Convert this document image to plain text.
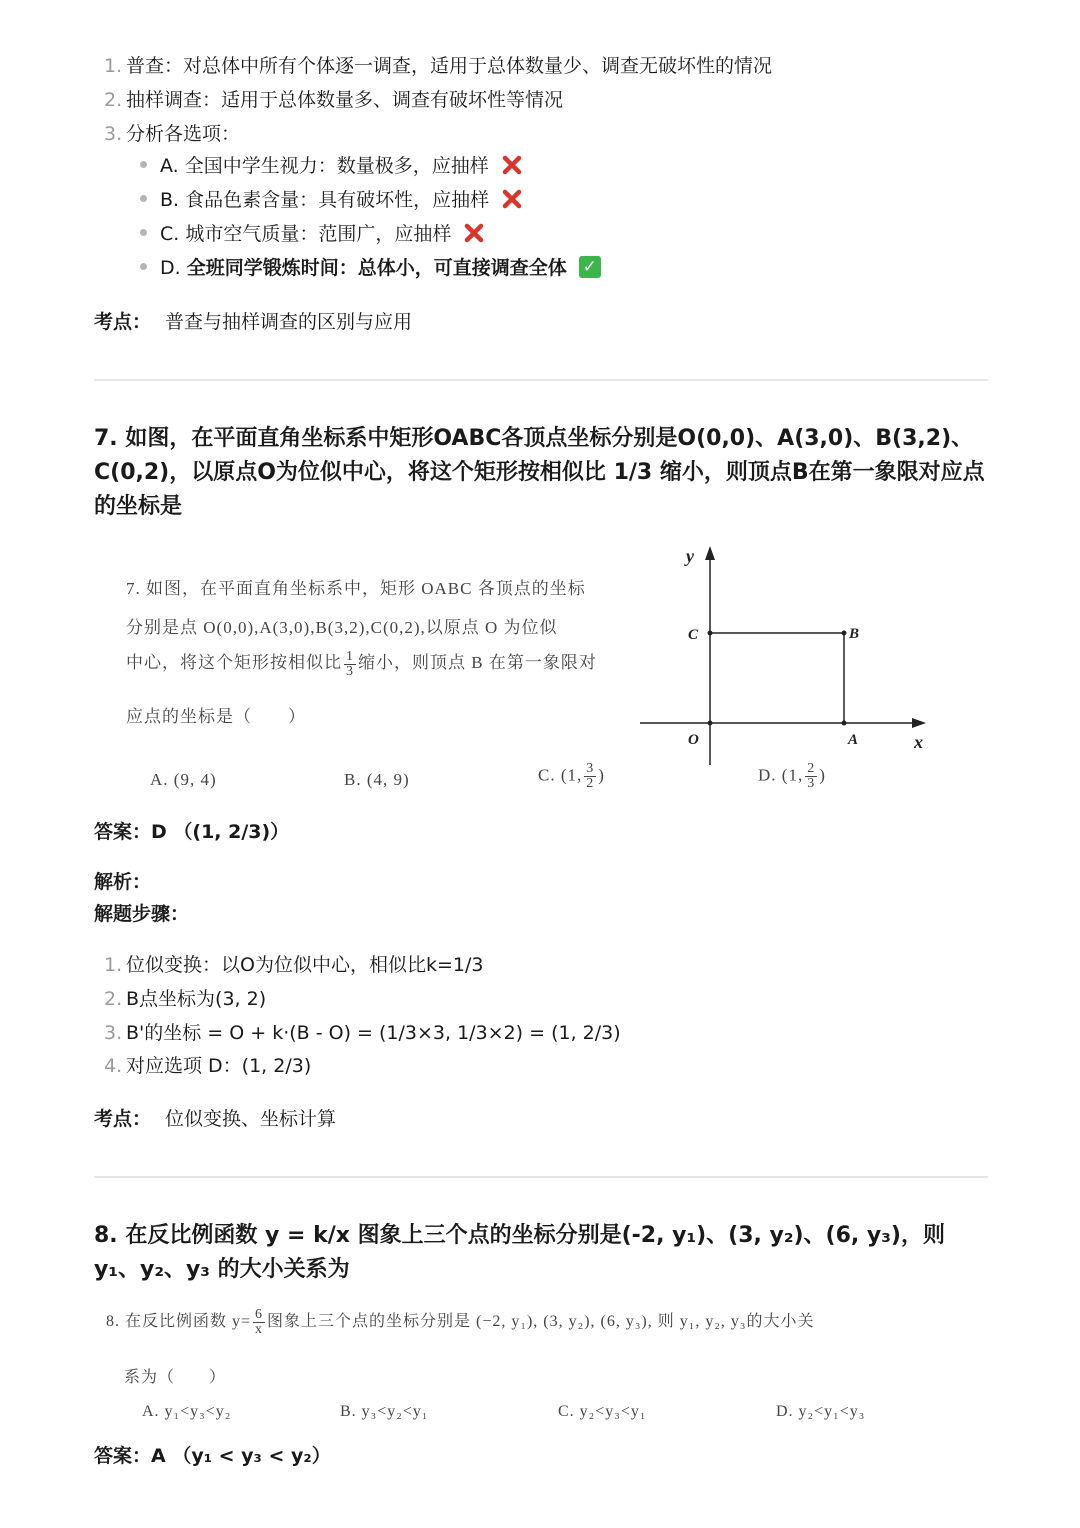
1. 普查：对总体中所有个体逐一调查，适用于总体数量少、调查无破坏性的情况
2. 抽样调查：适用于总体数量多、调查有破坏性等情况
3. 分析各选项：
A. 全国中学生视力：数量极多，应抽样
B. 食品色素含量：具有破坏性，应抽样
C. 城市空气质量：范围广，应抽样
D. 全班同学锻炼时间：总体小，可直接调查全体 ✓
考点： 普查与抽样调查的区别与应用
7. 如图，在平面直角坐标系中矩形OABC各顶点坐标分别是O(0,0)、A(3,0)、B(3,2)、C(0,2)，以原点O为位似中心，将这个矩形按相似比 1/3 缩小，则顶点B在第一象限对应点的坐标是
7. 如图，在平面直角坐标系中，矩形 OABC 各顶点的坐标
分别是点 O(0,0),A(3,0),B(3,2),C(0,2),以原点 O 为位似
中心，将这个矩形按相似比 $\frac{1}{3}$ 缩小，则顶点 B 在第一象限对
应点的坐标是（　　）
A. (9, 4)	B. (4, 9)	C. (1, $\frac{3}{2}$ )	D. (1, $\frac{2}{3}$ )
y
x
C	B
A
O
答案：D （(1, 2/3)）
解析：
解题步骤：
1. 位似变换：以O为位似中心，相似比k=1/3
2. B点坐标为(3, 2)
3. B'的坐标 = O + k·(B - O) = (1/3×3, 1/3×2) = (1, 2/3)
4. 对应选项 D：(1, 2/3)
考点： 位似变换、坐标计算
8. 在反比例函数 y = k/x 图象上三个点的坐标分别是(-2, y₁)、(3, y₂)、(6, y₃)，则 y₁、y₂、y₃ 的大小关系为
8. 在反比例函数 $y= \frac{6}{x}$ 图象上三个点的坐标分别是 (−2, y₁), (3, y₂), (6, y₃), 则 y₁, y₂, y₃的大小关
系为（　　）
A. y₁<y₃<y₂	B. y₃<y₂<y₁	C. y₂<y₃<y₁	D. y₂<y₁<y₃
答案：A （y₁ < y₃ < y₂）
